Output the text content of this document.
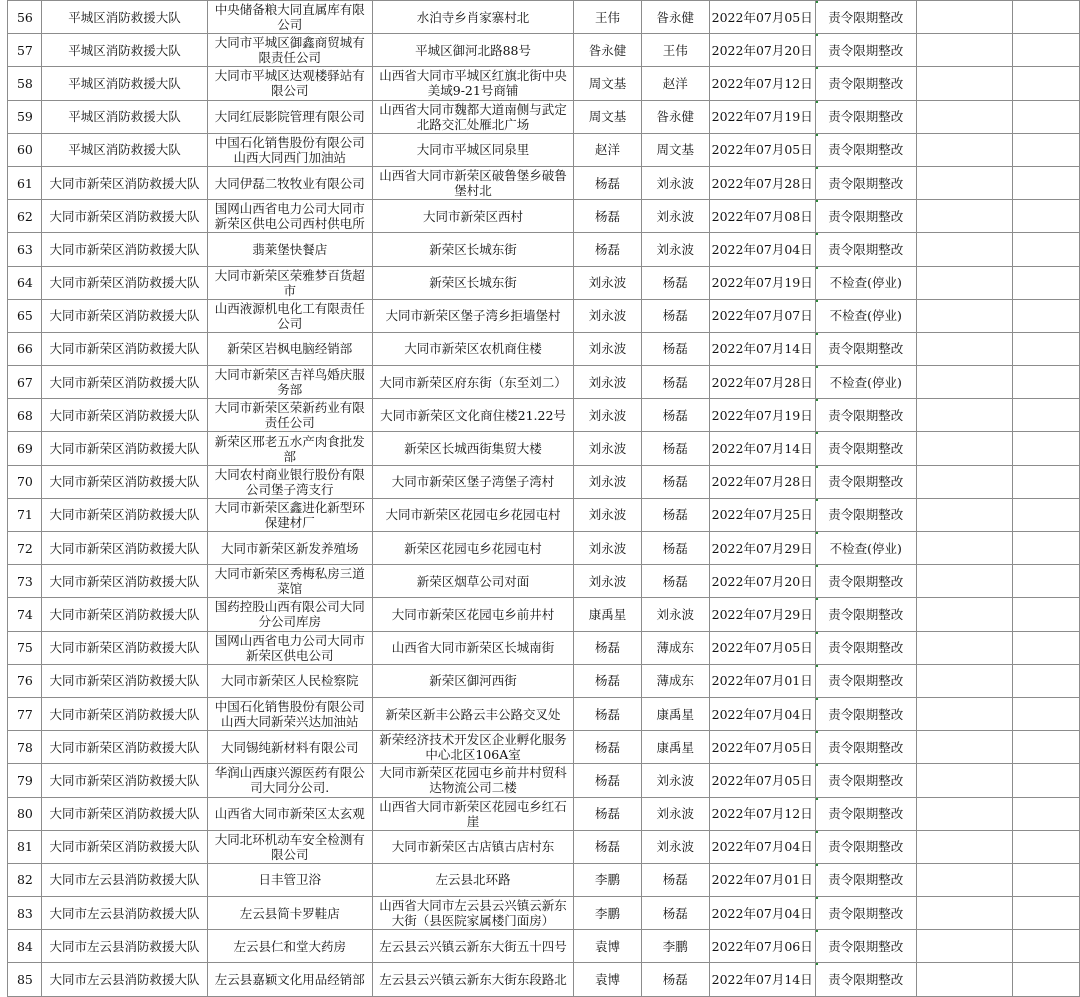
	56	平城区消防救援大队	中央储备粮大同直属库有限公司	水泊寺乡肖家寨村北	王伟	昝永健	2022年07月05日	责令限期整改		
	57	平城区消防救援大队	大同市平城区御鑫商贸城有限责任公司	平城区御河北路88号	昝永健	王伟	2022年07月20日	责令限期整改		
	58	平城区消防救援大队	大同市平城区达观楼驿站有限公司	山西省大同市平城区红旗北街中央美域9-21号商铺	周文基	赵洋	2022年07月12日	责令限期整改		
	59	平城区消防救援大队	大同红辰影院管理有限公司	山西省大同市魏都大道南侧与武定北路交汇处雁北广场	周文基	昝永健	2022年07月19日	责令限期整改		
	60	平城区消防救援大队	中国石化销售股份有限公司山西大同西门加油站	大同市平城区同泉里	赵洋	周文基	2022年07月05日	责令限期整改		
	61	大同市新荣区消防救援大队	大同伊磊二牧牧业有限公司	山西省大同市新荣区破鲁堡乡破鲁堡村北	杨磊	刘永波	2022年07月28日	责令限期整改		
	62	大同市新荣区消防救援大队	国网山西省电力公司大同市新荣区供电公司西村供电所	大同市新荣区西村	杨磊	刘永波	2022年07月08日	责令限期整改		
	63	大同市新荣区消防救援大队	翡莱堡快餐店	新荣区长城东街	杨磊	刘永波	2022年07月04日	责令限期整改		
	64	大同市新荣区消防救援大队	大同市新荣区荣雅梦百货超市	新荣区长城东街	刘永波	杨磊	2022年07月19日	不检查(停业)		
	65	大同市新荣区消防救援大队	山西液源机电化工有限责任公司	大同市新荣区堡子湾乡拒墙堡村	刘永波	杨磊	2022年07月07日	不检查(停业)		
	66	大同市新荣区消防救援大队	新荣区岩枫电脑经销部	大同市新荣区农机商住楼	刘永波	杨磊	2022年07月14日	责令限期整改		
	67	大同市新荣区消防救援大队	大同市新荣区吉祥鸟婚庆服务部	大同市新荣区府东街（东至刘二）	刘永波	杨磊	2022年07月28日	不检查(停业)		
	68	大同市新荣区消防救援大队	大同市新荣区荣新药业有限责任公司	大同市新荣区文化商住楼21.22号	刘永波	杨磊	2022年07月19日	责令限期整改		
	69	大同市新荣区消防救援大队	新荣区邢老五水产肉食批发部	新荣区长城西街集贸大楼	刘永波	杨磊	2022年07月14日	责令限期整改		
	70	大同市新荣区消防救援大队	大同农村商业银行股份有限公司堡子湾支行	大同市新荣区堡子湾堡子湾村	刘永波	杨磊	2022年07月28日	责令限期整改		
	71	大同市新荣区消防救援大队	大同市新荣区鑫进化新型环保建材厂	大同市新荣区花园屯乡花园屯村	刘永波	杨磊	2022年07月25日	责令限期整改		
	72	大同市新荣区消防救援大队	大同市新荣区新发养殖场	新荣区花园屯乡花园屯村	刘永波	杨磊	2022年07月29日	不检查(停业)		
	73	大同市新荣区消防救援大队	大同市新荣区秀梅私房三道菜馆	新荣区烟草公司对面	刘永波	杨磊	2022年07月20日	责令限期整改		
	74	大同市新荣区消防救援大队	国药控股山西有限公司大同分公司库房	大同市新荣区花园屯乡前井村	康禹星	刘永波	2022年07月29日	责令限期整改		
	75	大同市新荣区消防救援大队	国网山西省电力公司大同市新荣区供电公司	山西省大同市新荣区长城南街	杨磊	薄成东	2022年07月05日	责令限期整改		
	76	大同市新荣区消防救援大队	大同市新荣区人民检察院	新荣区御河西街	杨磊	薄成东	2022年07月01日	责令限期整改		
	77	大同市新荣区消防救援大队	中国石化销售股份有限公司山西大同新荣兴达加油站	新荣区新丰公路云丰公路交叉处	杨磊	康禹星	2022年07月04日	责令限期整改		
	78	大同市新荣区消防救援大队	大同锡纯新材料有限公司	新荣经济技术开发区企业孵化服务中心北区106A室	杨磊	康禹星	2022年07月05日	责令限期整改		
	79	大同市新荣区消防救援大队	华润山西康兴源医药有限公司大同分公司.	大同市新荣区花园屯乡前井村贸科达物流公司二楼	杨磊	刘永波	2022年07月05日	责令限期整改		
	80	大同市新荣区消防救援大队	山西省大同市新荣区太玄观	山西省大同市新荣区花园屯乡红石崖	杨磊	刘永波	2022年07月12日	责令限期整改		
	81	大同市新荣区消防救援大队	大同北环机动车安全检测有限公司	大同市新荣区古店镇古店村东	杨磊	刘永波	2022年07月04日	责令限期整改		
	82	大同市左云县消防救援大队	日丰管卫浴	左云县北环路	李鹏	杨磊	2022年07月01日	责令限期整改		
	83	大同市左云县消防救援大队	左云县简卡罗鞋店	山西省大同市左云县云兴镇云新东大街（县医院家属楼门面房）	李鹏	杨磊	2022年07月04日	责令限期整改		
	84	大同市左云县消防救援大队	左云县仁和堂大药房	左云县云兴镇云新东大街五十四号	袁博	李鹏	2022年07月06日	责令限期整改		
	85	大同市左云县消防救援大队	左云县嘉颖文化用品经销部	左云县云兴镇云新东大街东段路北	袁博	杨磊	2022年07月14日	责令限期整改		
